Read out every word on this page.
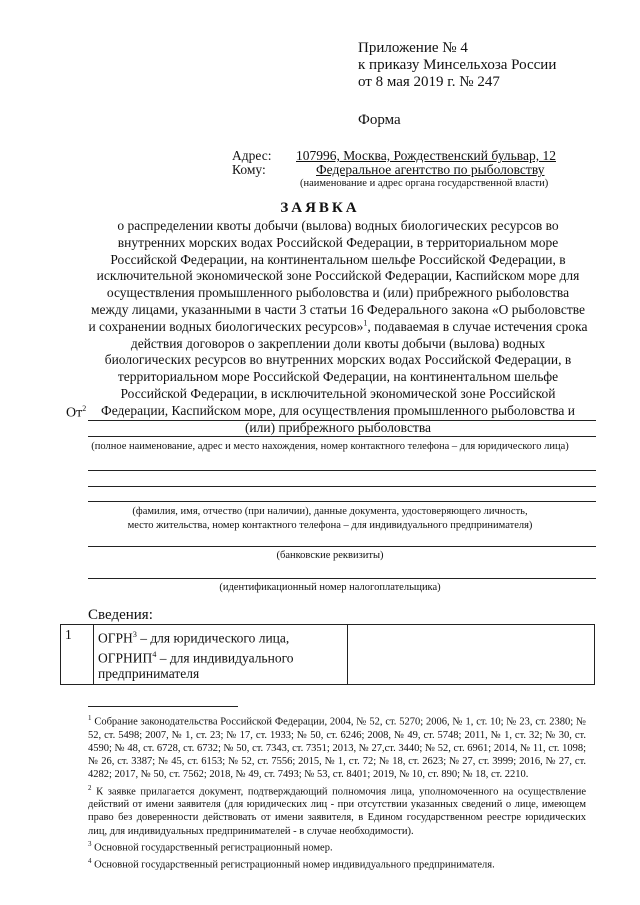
Приложение № 4
к приказу Минсельхоза России
от 8 мая 2019 г. № 247
Форма
Адрес: 107996, Москва, Рождественский бульвар, 12
Кому:	Федеральное агентство по рыболовству
(наименование и адрес органа государственной власти)
ЗАЯВКА
о распределении квоты добычи (вылова) водных биологических ресурсов во внутренних морских водах Российской Федерации, в территориальном море Российской Федерации, на континентальном шельфе Российской Федерации, в исключительной экономической зоне Российской Федерации, Каспийском море для осуществления промышленного рыболовства и (или) прибрежного рыболовства между лицами, указанными в части 3 статьи 16 Федерального закона «О рыболовстве и сохранении водных биологических ресурсов»$^1$, подаваемая в случае истечения срока действия договоров о закреплении доли квоты добычи (вылова) водных биологических ресурсов во внутренних морских водах Российской Федерации, в территориальном море Российской Федерации, на континентальном шельфе Российской Федерации, в исключительной экономической зоне Российской Федерации, Каспийском море, для осуществления промышленного рыболовства и (или) прибрежного рыболовства
$От^2$
(полное наименование, адрес и место нахождения, номер контактного телефона – для юридического лица)
(фамилия, имя, отчество (при наличии), данные документа, удостоверяющего личность,
место жительства, номер контактного телефона – для индивидуального предпринимателя)
(банковские реквизиты)
(идентификационный номер налогоплательщика)
Сведения:
1	ОГРН$^3$ – для юридического лица,
ОГРНИП$^4$ – для индивидуального предпринимателя	

$^1$ Собрание законодательства Российской Федерации, 2004, № 52, ст. 5270; 2006, № 1, ст. 10; № 23, ст. 2380; № 52, ст. 5498; 2007, № 1, ст. 23; № 17, ст. 1933; № 50, ст. 6246; 2008, № 49, ст. 5748; 2011, № 1, ст. 32; № 30, ст. 4590; № 48, ст. 6728, ст. 6732; № 50, ст. 7343, ст. 7351; 2013, № 27,ст. 3440; № 52, ст. 6961; 2014, № 11, ст. 1098; № 26, ст. 3387; № 45, ст. 6153; № 52, ст. 7556; 2015, № 1, ст. 72; № 18, ст. 2623; № 27, ст. 3999; 2016, № 27, ст. 4282; 2017, № 50, ст. 7562; 2018, № 49, ст. 7493; № 53, ст. 8401; 2019, № 10, ст. 890; № 18, ст. 2210.

$^2$ К заявке прилагается документ, подтверждающий полномочия лица, уполномоченного на осуществление действий от имени заявителя (для юридических лиц - при отсутствии указанных сведений о лице, имеющем право без доверенности действовать от имени заявителя, в Едином государственном реестре юридических лиц, для индивидуальных предпринимателей - в случае необходимости).

$^3$ Основной государственный регистрационный номер.

$^4$ Основной государственный регистрационный номер индивидуального предпринимателя.
